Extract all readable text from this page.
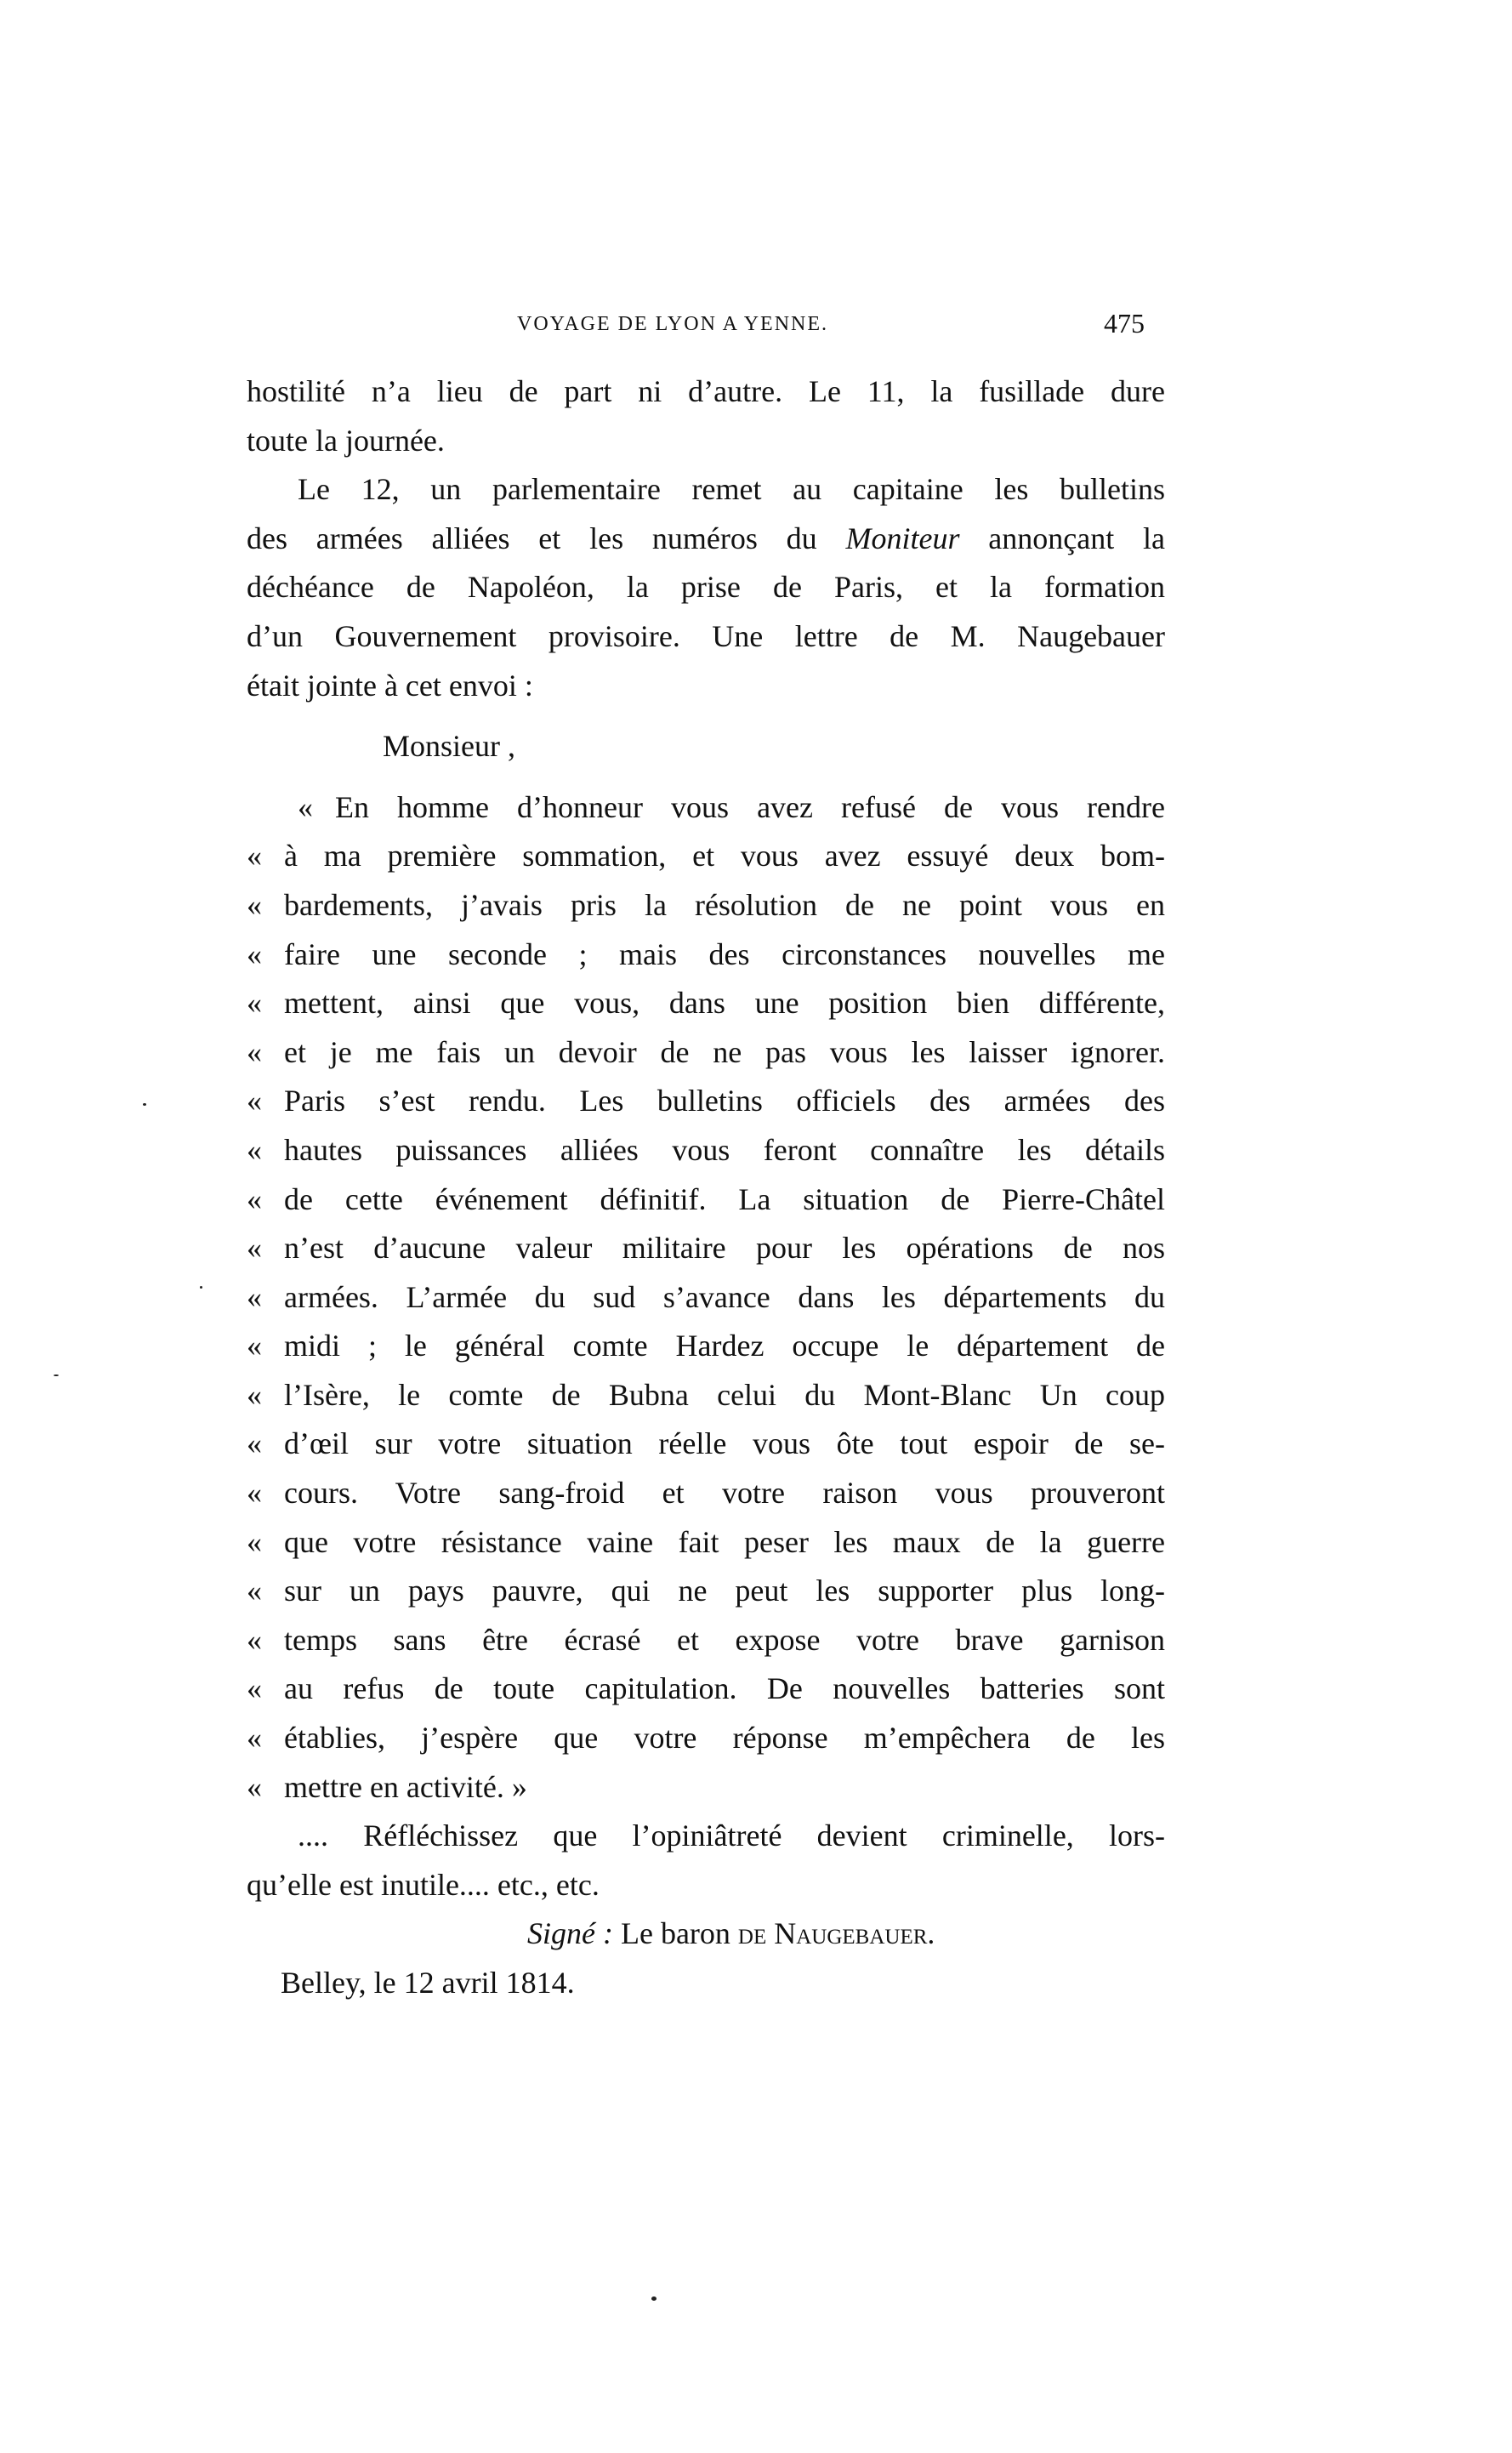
VOYAGE DE LYON A YENNE.	475
hostilité n’a lieu de part ni d’autre. Le 11, la fusillade dure
toute la journée.
Le 12, un parlementaire remet au capitaine les bulletins
des armées alliées et les numéros du Moniteur annonçant la
déchéance de Napoléon, la prise de Paris, et la formation
d’un Gouvernement provisoire. Une lettre de M. Naugebauer
était jointe à cet envoi :
Monsieur ,
« En homme d’honneur vous avez refusé de vous rendre
« à ma première sommation, et vous avez essuyé deux bom-
« bardements, j’avais pris la résolution de ne point vous en
« faire une seconde ; mais des circonstances nouvelles me
« mettent, ainsi que vous, dans une position bien différente,
« et je me fais un devoir de ne pas vous les laisser ignorer.
« Paris s’est rendu. Les bulletins officiels des armées des
« hautes puissances alliées vous feront connaître les détails
« de cette événement définitif. La situation de Pierre-Châtel
« n’est d’aucune valeur militaire pour les opérations de nos
« armées. L’armée du sud s’avance dans les départements du
« midi ; le général comte Hardez occupe le département de
« l’Isère, le comte de Bubna celui du Mont-Blanc Un coup
« d’œil sur votre situation réelle vous ôte tout espoir de se-
« cours. Votre sang-froid et votre raison vous prouveront
« que votre résistance vaine fait peser les maux de la guerre
« sur un pays pauvre, qui ne peut les supporter plus long-
« temps sans être écrasé et expose votre brave garnison
« au refus de toute capitulation. De nouvelles batteries sont
« établies, j’espère que votre réponse m’empêchera de les
« mettre en activité. »
.... Réfléchissez que l’opiniâtreté devient criminelle, lors-
qu’elle est inutile.... etc., etc.
Signé : Le baron de Naugebauer.
Belley, le 12 avril 1814.
